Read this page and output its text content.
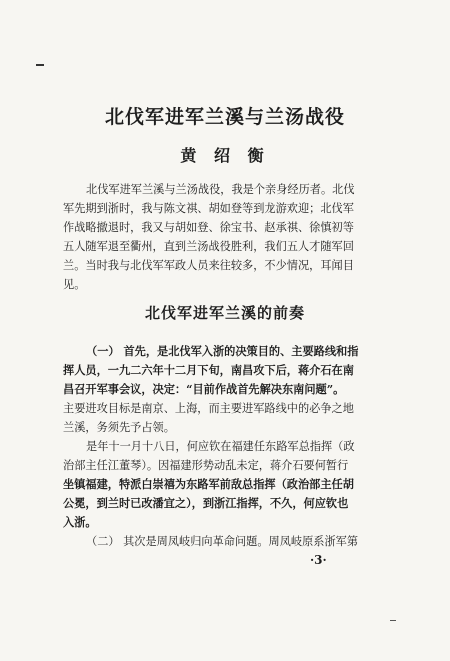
北伐军进军兰溪与兰汤战役
黄 绍 衡

北伐军进军兰溪与兰汤战役，我是个亲身经历者。北伐
军先期到浙时，我与陈文祺、胡如登等到龙游欢迎；北伐军
作战略撤退时，我又与胡如登、徐宝书、赵承祺、徐慎初等
五人随军退至衢州，直到兰汤战役胜利，我们五人才随军回
兰。当时我与北伐军军政人员来往较多，不少情况，耳闻目
见。

北伐军进军兰溪的前奏

（一） 首先，是北伐军入浙的决策目的、主要路线和指
挥人员，一九二六年十二月下旬，南昌攻下后，蒋介石在南
昌召开军事会议，决定：“目前作战首先解决东南问题”。
主要进攻目标是南京、上海，而主要进军路线中的必争之地
兰溪，务须先予占领。

是年十一月十八日，何应钦在福建任东路军总指挥（政
治部主任江董琴）。因福建形势动乱未定，蒋介石要何暂行
坐镇福建，特派白崇禧为东路军前敌总指挥（政治部主任胡
公冕，到兰时已改潘宜之），到浙江指挥，不久，何应钦也
入浙。

（二） 其次是周凤岐归向革命问题。周凤岐原系浙军第

·3·
